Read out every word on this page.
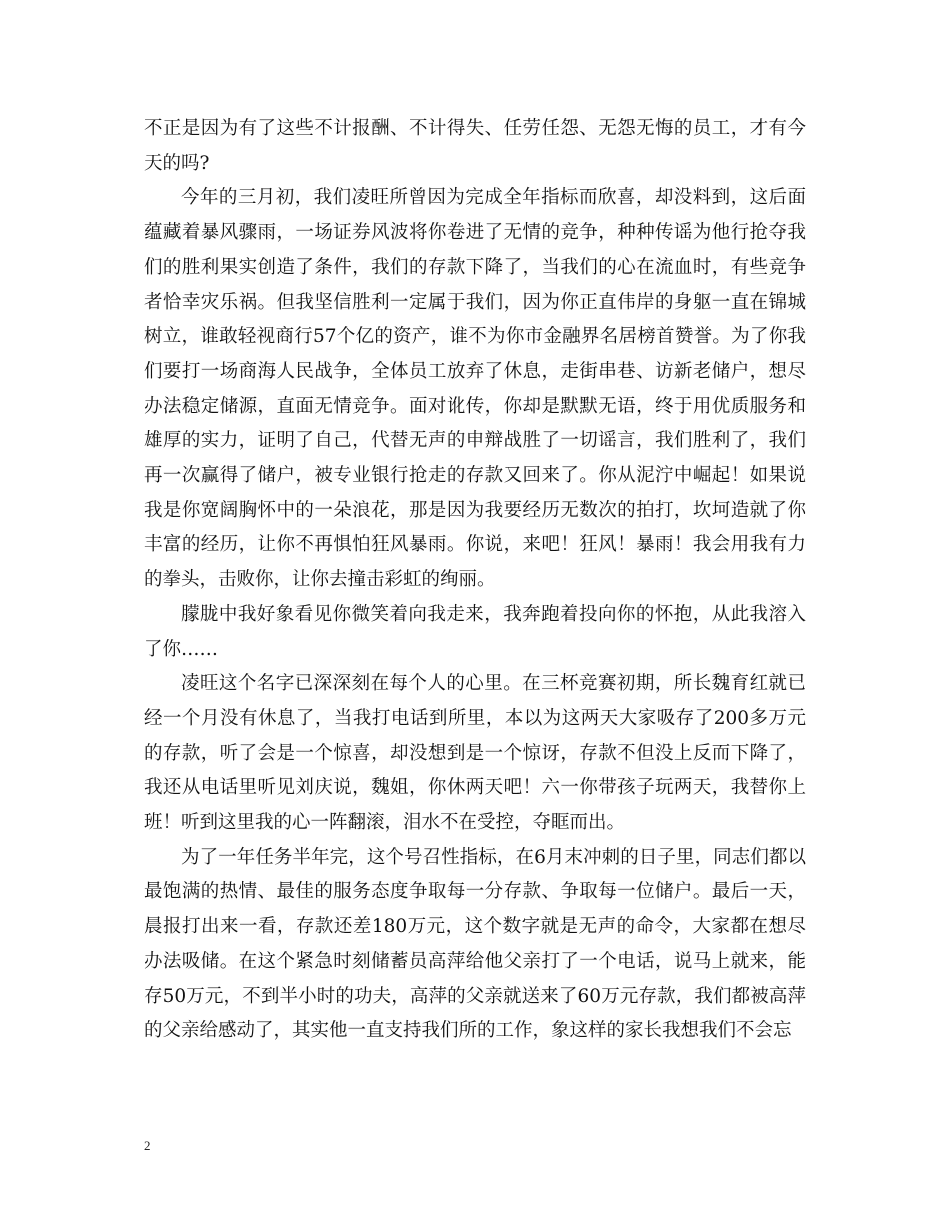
不正是因为有了这些不计报酬、不计得失、任劳任怨、无怨无悔的员工，才有今天的吗?

今年的三月初，我们凌旺所曾因为完成全年指标而欣喜，却没料到，这后面蕴藏着暴风骤雨，一场证券风波将你卷进了无情的竞争，种种传谣为他行抢夺我们的胜利果实创造了条件，我们的存款下降了，当我们的心在流血时，有些竞争者恰幸灾乐祸。但我坚信胜利一定属于我们，因为你正直伟岸的身躯一直在锦城树立，谁敢轻视商行57个亿的资产，谁不为你市金融界名居榜首赞誉。为了你我们要打一场商海人民战争，全体员工放弃了休息，走街串巷、访新老储户，想尽办法稳定储源，直面无情竞争。面对讹传，你却是默默无语，终于用优质服务和雄厚的实力，证明了自己，代替无声的申辩战胜了一切谣言，我们胜利了，我们再一次赢得了储户，被专业银行抢走的存款又回来了。你从泥泞中崛起！如果说我是你宽阔胸怀中的一朵浪花，那是因为我要经历无数次的拍打，坎坷造就了你丰富的经历，让你不再惧怕狂风暴雨。你说，来吧！狂风！暴雨！我会用我有力的拳头，击败你，让你去撞击彩虹的绚丽。

朦胧中我好象看见你微笑着向我走来，我奔跑着投向你的怀抱，从此我溶入了你……

凌旺这个名字已深深刻在每个人的心里。在三杯竞赛初期，所长魏育红就已经一个月没有休息了，当我打电话到所里，本以为这两天大家吸存了200多万元的存款，听了会是一个惊喜，却没想到是一个惊讶，存款不但没上反而下降了，我还从电话里听见刘庆说，魏姐，你休两天吧！六一你带孩子玩两天，我替你上班！听到这里我的心一阵翻滚，泪水不在受控，夺眶而出。

为了一年任务半年完，这个号召性指标，在6月末冲刺的日子里，同志们都以最饱满的热情、最佳的服务态度争取每一分存款、争取每一位储户。最后一天，晨报打出来一看，存款还差180万元，这个数字就是无声的命令，大家都在想尽办法吸储。在这个紧急时刻储蓄员高萍给他父亲打了一个电话，说马上就来，能存50万元，不到半小时的功夫，高萍的父亲就送来了60万元存款，我们都被高萍的父亲给感动了，其实他一直支持我们所的工作，象这样的家长我想我们不会忘

2
